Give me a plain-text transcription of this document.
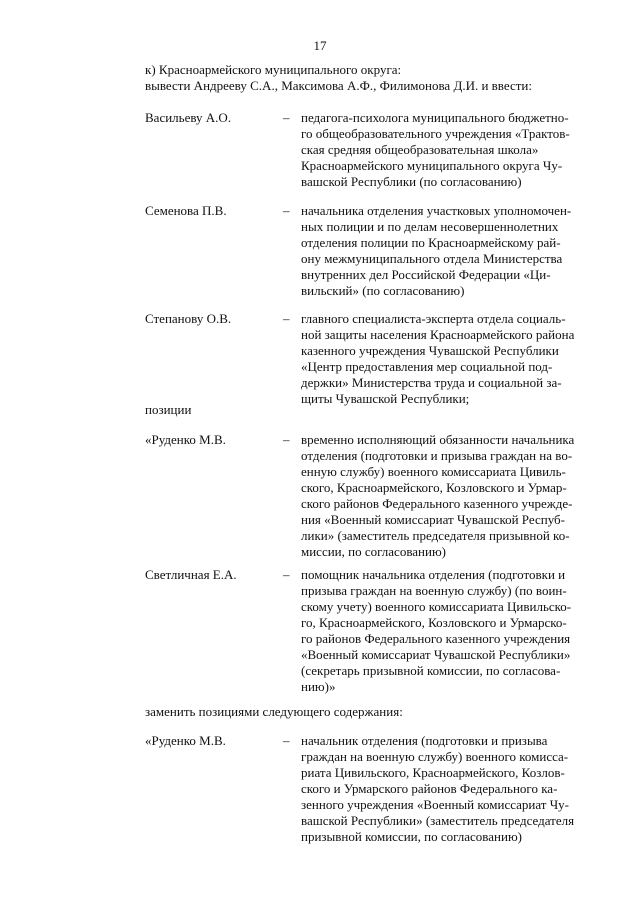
17
к) Красноармейского муниципального округа:
вывести Андрееву С.А., Максимова А.Ф., Филимонова Д.И. и ввести:
Васильеву А.О.	– педагога-психолога муниципального бюджетно-
го общеобразовательного учреждения «Трактов-
ская средняя общеобразовательная школа»
Красноармейского муниципального округа Чу-
вашской Республики (по согласованию)
Семенова П.В.	– начальника отделения участковых уполномочен-
ных полиции и по делам несовершеннолетних
отделения полиции по Красноармейскому рай-
ону межмуниципального отдела Министерства
внутренних дел Российской Федерации «Ци-
вильский» (по согласованию)
Степанову О.В.	– главного специалиста-эксперта отдела социаль-
ной защиты населения Красноармейского района
казенного учреждения Чувашской Республики
«Центр предоставления мер социальной под-
держки» Министерства труда и социальной за-
щиты Чувашской Республики;
позиции
«Руденко М.В.	– временно исполняющий обязанности начальника
отделения (подготовки и призыва граждан на во-
енную службу) военного комиссариата Цивиль-
ского, Красноармейского, Козловского и Урмар-
ского районов Федерального казенного учрежде-
ния «Военный комиссариат Чувашской Респуб-
лики» (заместитель председателя призывной ко-
миссии, по согласованию)
Светличная Е.А.	– помощник начальника отделения (подготовки и
призыва граждан на военную службу) (по воин-
скому учету) военного комиссариата Цивильско-
го, Красноармейского, Козловского и Урмарско-
го районов Федерального казенного учреждения
«Военный комиссариат Чувашской Республики»
(секретарь призывной комиссии, по согласова-
нию)»
заменить позициями следующего содержания:
«Руденко М.В.	– начальник отделения (подготовки и призыва
граждан на военную службу) военного комисса-
риата Цивильского, Красноармейского, Козлов-
ского и Урмарского районов Федерального ка-
зенного учреждения «Военный комиссариат Чу-
вашской Республики» (заместитель председателя
призывной комиссии, по согласованию)
